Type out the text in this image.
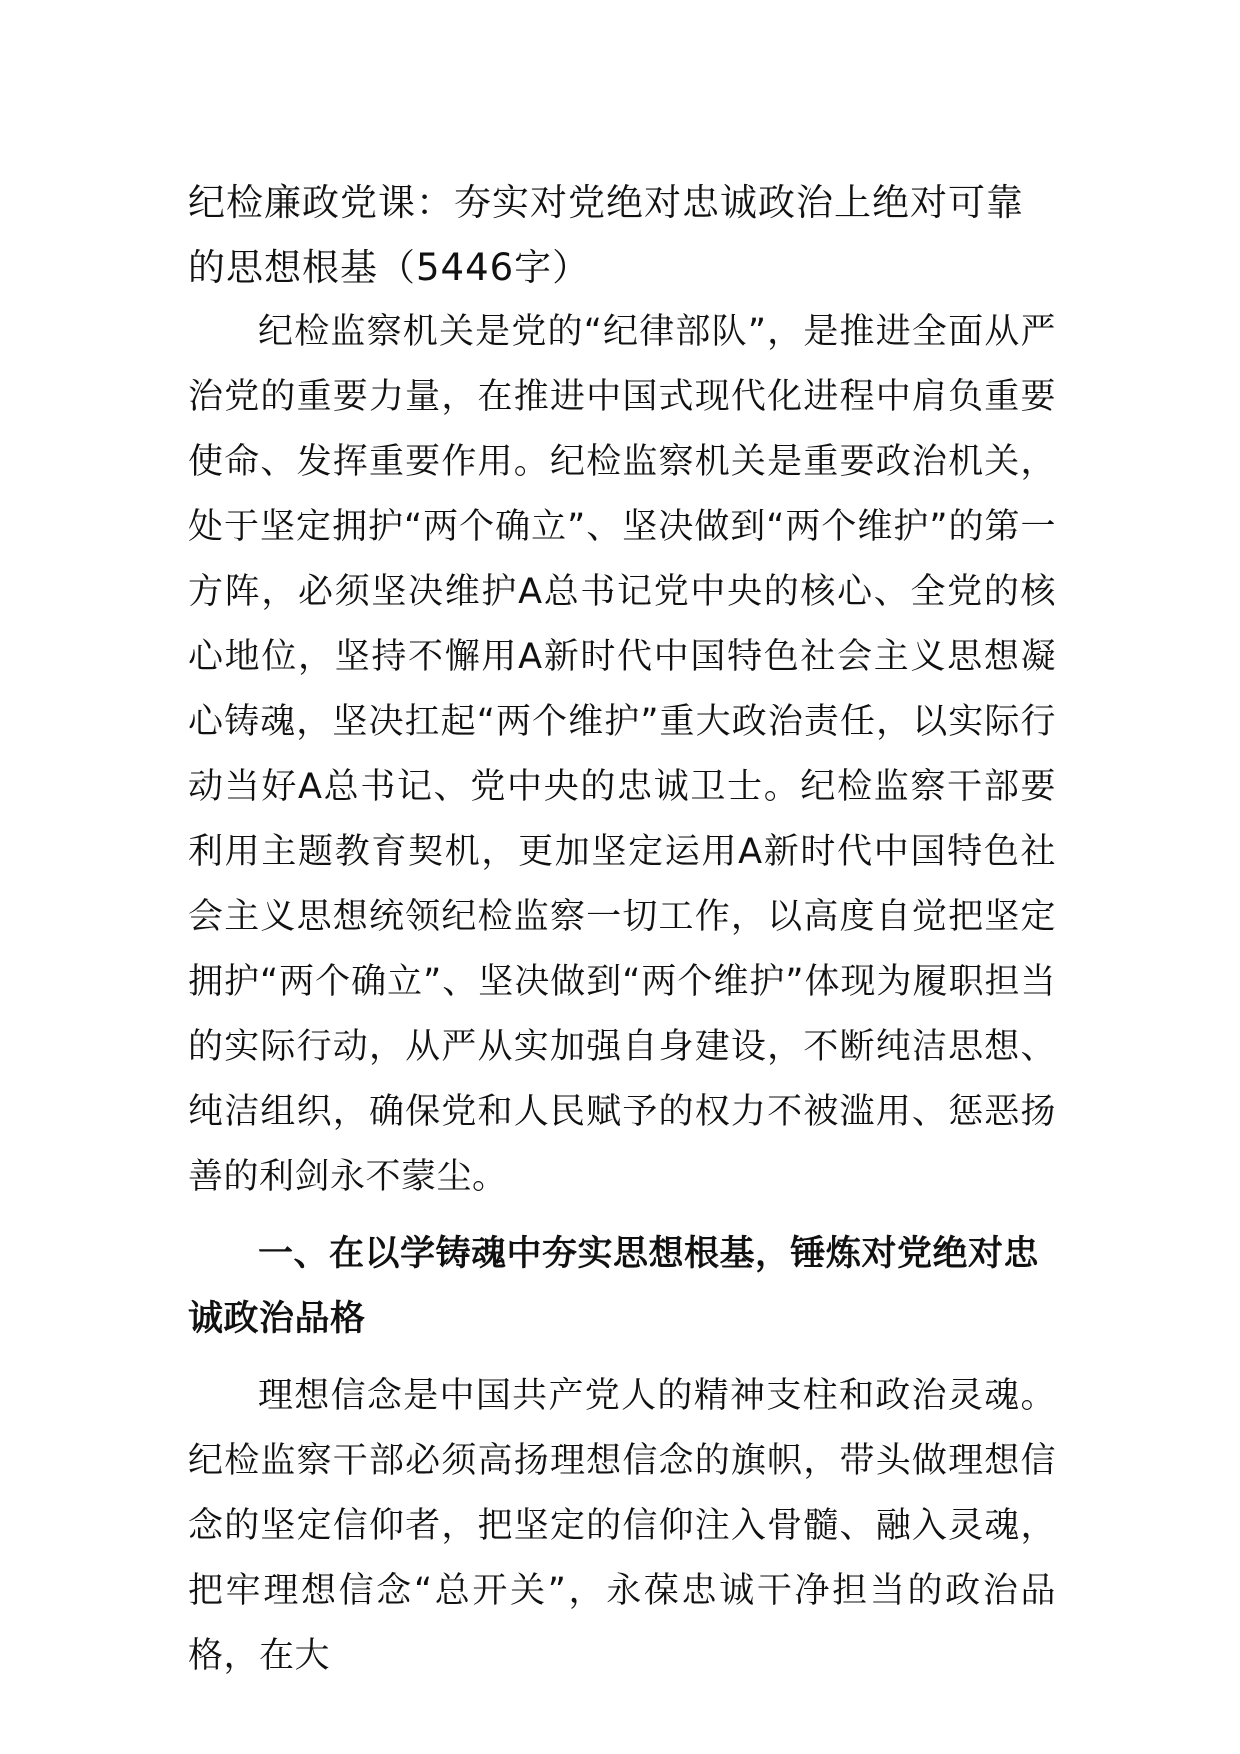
纪检廉政党课：夯实对党绝对忠诚政治上绝对可靠的思想根基（5446字）

纪检监察机关是党的“纪律部队”，是推进全面从严治党的重要力量，在推进中国式现代化进程中肩负重要使命、发挥重要作用。纪检监察机关是重要政治机关，处于坚定拥护“两个确立”、坚决做到“两个维护”的第一方阵，必须坚决维护A总书记党中央的核心、全党的核心地位，坚持不懈用A新时代中国特色社会主义思想凝心铸魂，坚决扛起“两个维护”重大政治责任，以实际行动当好A总书记、党中央的忠诚卫士。纪检监察干部要利用主题教育契机，更加坚定运用A新时代中国特色社会主义思想统领纪检监察一切工作，以高度自觉把坚定拥护“两个确立”、坚决做到“两个维护”体现为履职担当的实际行动，从严从实加强自身建设，不断纯洁思想、纯洁组织，确保党和人民赋予的权力不被滥用、惩恶扬善的利剑永不蒙尘。

一、在以学铸魂中夯实思想根基，锤炼对党绝对忠诚政治品格

理想信念是中国共产党人的精神支柱和政治灵魂。纪检监察干部必须高扬理想信念的旗帜，带头做理想信念的坚定信仰者，把坚定的信仰注入骨髓、融入灵魂，把牢理想信念“总开关”，永葆忠诚干净担当的政治品格，在大
